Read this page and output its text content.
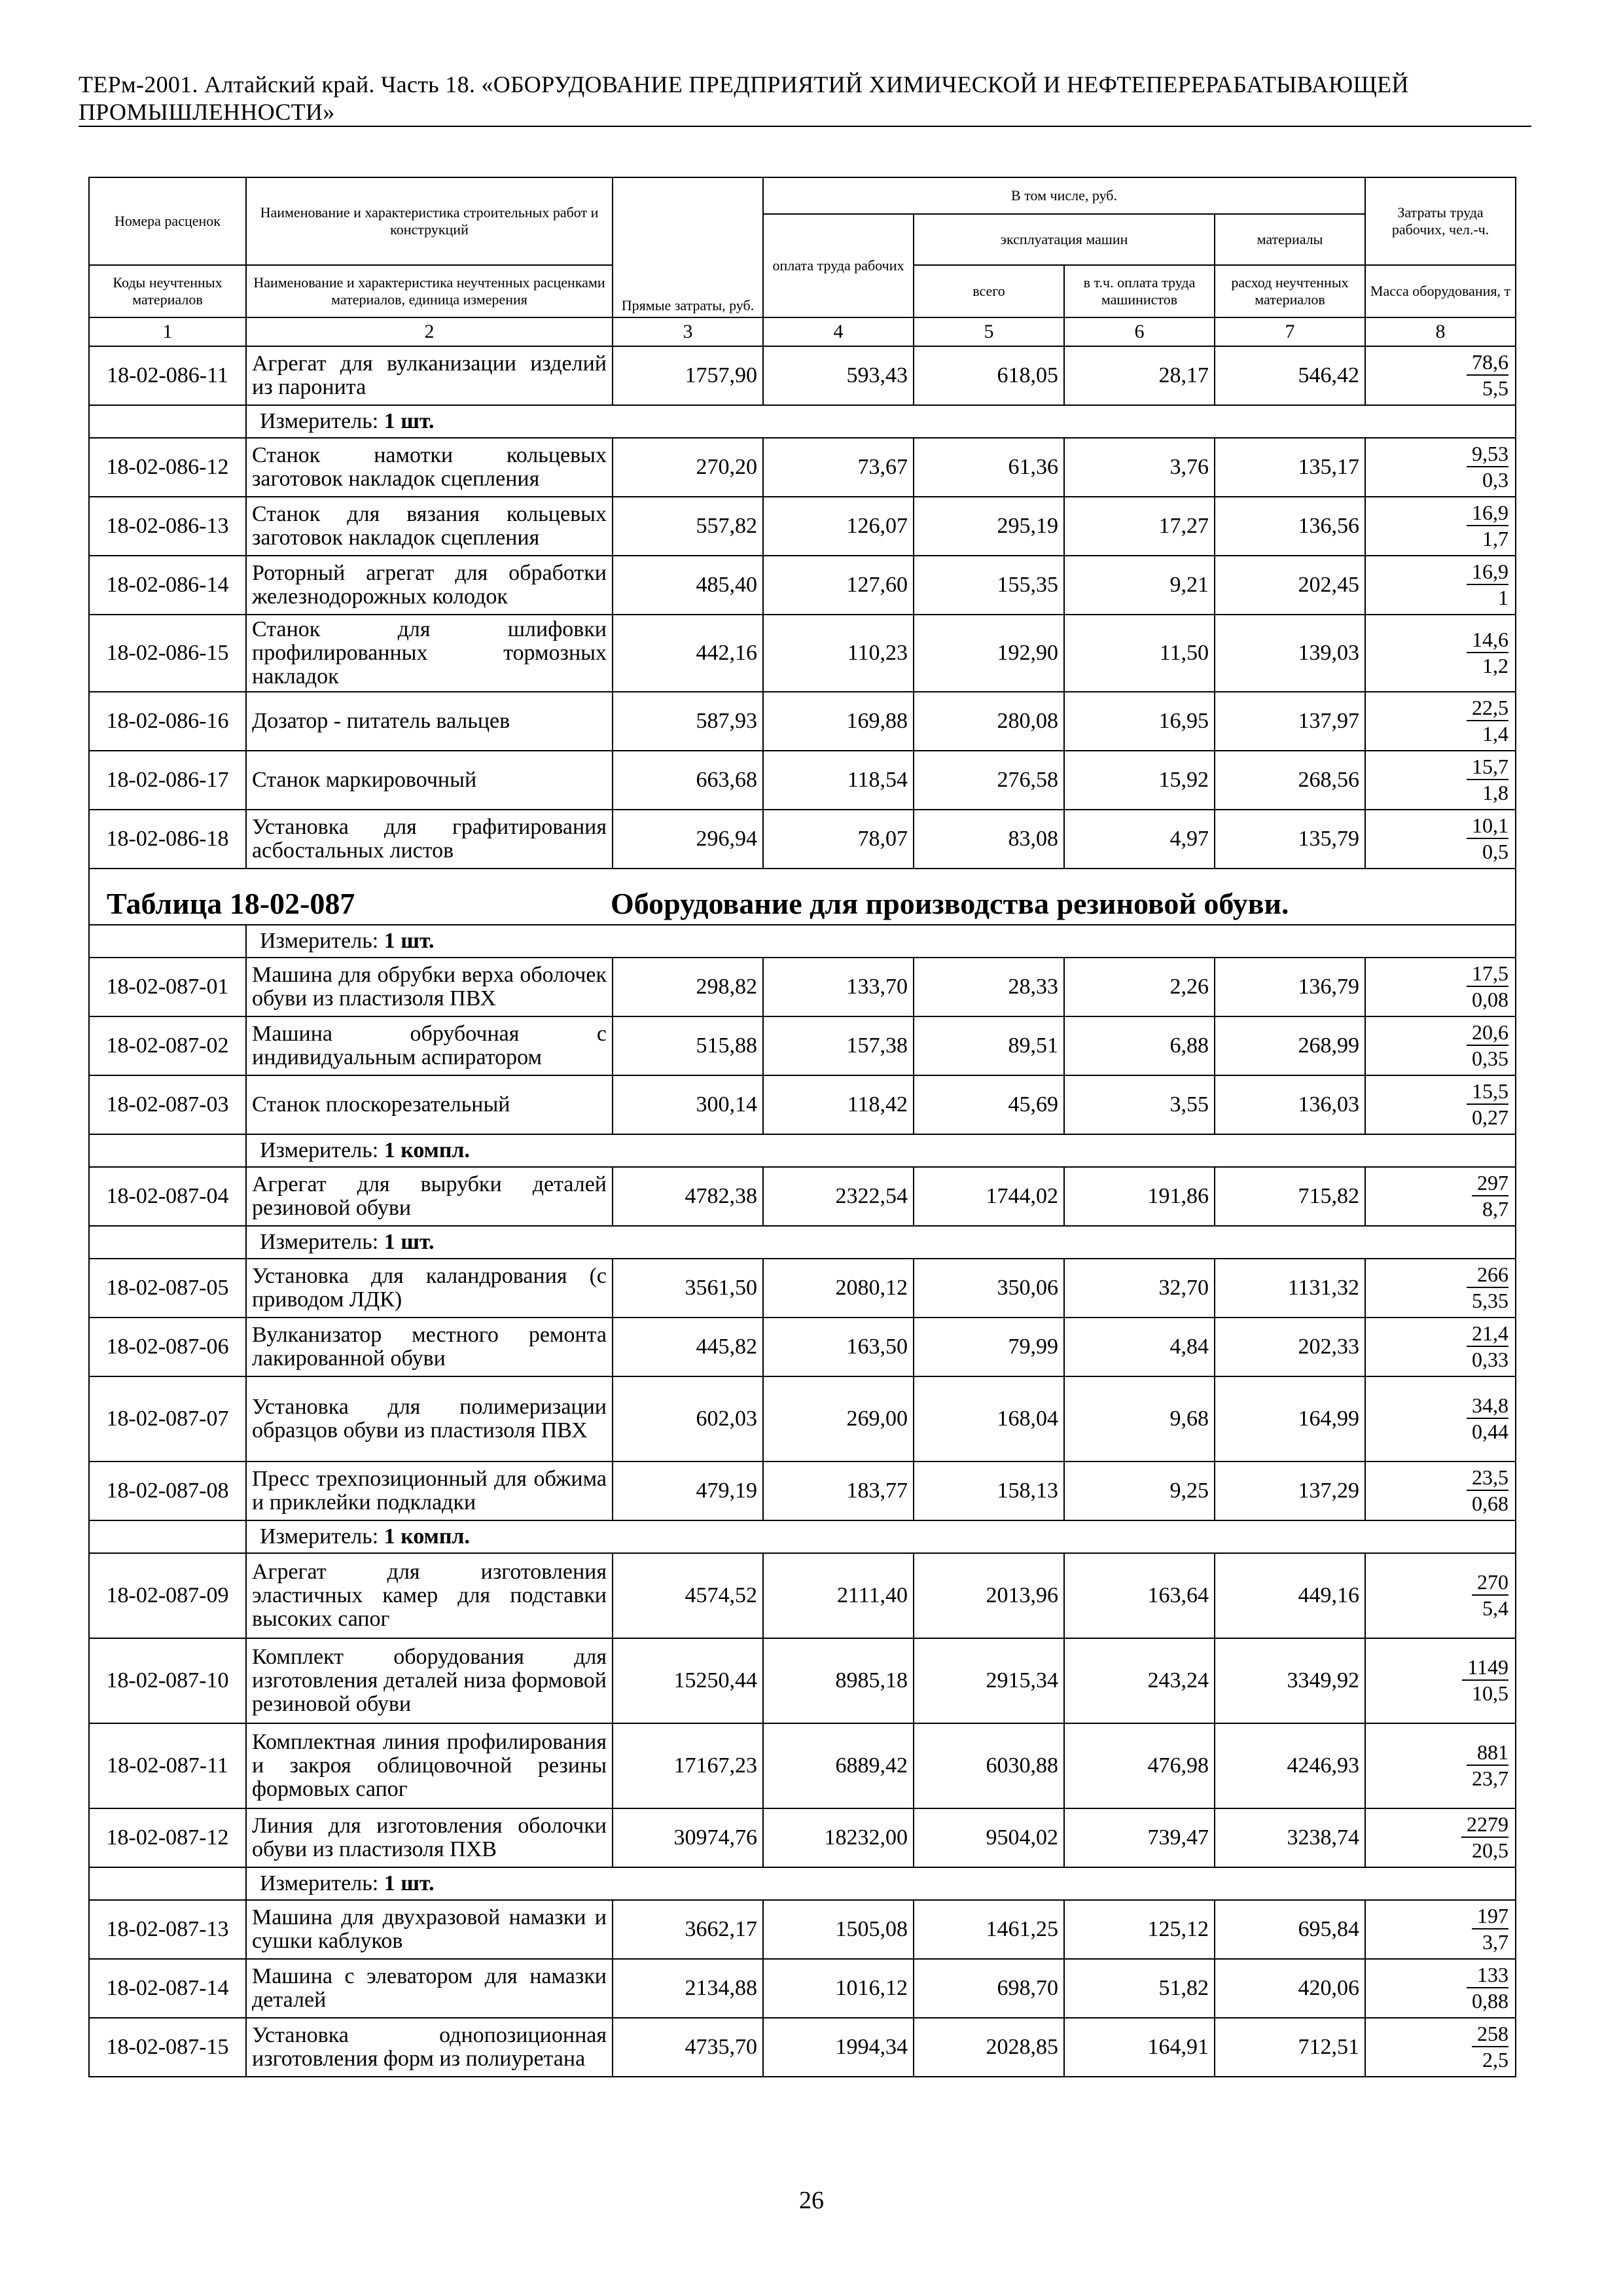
ТЕРм-2001. Алтайский край. Часть 18. «ОБОРУДОВАНИЕ ПРЕДПРИЯТИЙ ХИМИЧЕСКОЙ И НЕФТЕПЕРЕРАБАТЫВАЮЩЕЙ
ПРОМЫШЛЕННОСТИ»
Номера расценок	Наименование и характеристика строительных работ и конструкций	Прямые затраты, руб.	В том числе, руб.				Затраты труда рабочих, чел.-ч.
			оплата труда рабочих	эксплуатация машин		материалы	
Коды неучтенных материалов	Наименование и характеристика неучтенных расценками материалов, единица измерения			всего	в т.ч. оплата труда машинистов	расход неучтенных материалов	Масса оборудования, т
1	2	3	4	5	6	7	8
18-02-086-11	Агрегат для вулканизации изделий из паронита	1757,90	593,43	618,05	28,17	546,42	$\frac{78,6}{5,5}$

	Измеритель: 1 шт.						
18-02-086-12	Станок намотки кольцевых заготовок накладок сцепления	270,20	73,67	61,36	3,76	135,17	$\frac{9,53}{0,3}$

18-02-086-13	Станок для вязания кольцевых заготовок накладок сцепления	557,82	126,07	295,19	17,27	136,56	$\frac{16,9}{1,7}$

18-02-086-14	Роторный агрегат для обработки железнодорожных колодок	485,40	127,60	155,35	9,21	202,45	$\frac{16,9}{1}$

18-02-086-15	Станок для шлифовки профилированных тормозных накладок	442,16	110,23	192,90	11,50	139,03	$\frac{14,6}{1,2}$

18-02-086-16	Дозатор - питатель вальцев	587,93	169,88	280,08	16,95	137,97	$\frac{22,5}{1,4}$

18-02-086-17	Станок маркировочный	663,68	118,54	276,58	15,92	268,56	$\frac{15,7}{1,8}$

18-02-086-18	Установка для графитирования асбостальных листов	296,94	78,07	83,08	4,97	135,79	$\frac{10,1}{0,5}$

Таблица 18-02-087 Оборудование для производства резиновой обуви.							
	Измеритель: 1 шт.						
18-02-087-01	Машина для обрубки верха оболочек обуви из пластизоля ПВХ	298,82	133,70	28,33	2,26	136,79	$\frac{17,5}{0,08}$

18-02-087-02	Машина обрубочная с индивидуальным аспиратором	515,88	157,38	89,51	6,88	268,99	$\frac{20,6}{0,35}$

18-02-087-03	Станок плоскорезательный	300,14	118,42	45,69	3,55	136,03	$\frac{15,5}{0,27}$

	Измеритель: 1 компл.						
18-02-087-04	Агрегат для вырубки деталей резиновой обуви	4782,38	2322,54	1744,02	191,86	715,82	$\frac{297}{8,7}$

	Измеритель: 1 шт.						
18-02-087-05	Установка для каландрования (с приводом ЛДК)	3561,50	2080,12	350,06	32,70	1131,32	$\frac{266}{5,35}$

18-02-087-06	Вулканизатор местного ремонта лакированной обуви	445,82	163,50	79,99	4,84	202,33	$\frac{21,4}{0,33}$

18-02-087-07	Установка для полимеризации образцов обуви из пластизоля ПВХ	602,03	269,00	168,04	9,68	164,99	$\frac{34,8}{0,44}$

18-02-087-08	Пресс трехпозиционный для обжима и приклейки подкладки	479,19	183,77	158,13	9,25	137,29	$\frac{23,5}{0,68}$

	Измеритель: 1 компл.						
18-02-087-09	Агрегат для изготовления эластичных камер для подставки высоких сапог	4574,52	2111,40	2013,96	163,64	449,16	$\frac{270}{5,4}$

18-02-087-10	Комплект оборудования для изготовления деталей низа формовой резиновой обуви	15250,44	8985,18	2915,34	243,24	3349,92	$\frac{1149}{10,5}$

18-02-087-11	Комплектная линия профилирования и закроя облицовочной резины формовых сапог	17167,23	6889,42	6030,88	476,98	4246,93	$\frac{881}{23,7}$

18-02-087-12	Линия для изготовления оболочки обуви из пластизоля ПХВ	30974,76	18232,00	9504,02	739,47	3238,74	$\frac{2279}{20,5}$

	Измеритель: 1 шт.						
18-02-087-13	Машина для двухразовой намазки и сушки каблуков	3662,17	1505,08	1461,25	125,12	695,84	$\frac{197}{3,7}$

18-02-087-14	Машина с элеватором для намазки деталей	2134,88	1016,12	698,70	51,82	420,06	$\frac{133}{0,88}$

18-02-087-15	Установка однопозиционная изготовления форм из полиуретана	4735,70	1994,34	2028,85	164,91	712,51	$\frac{258}{2,5}$
26
